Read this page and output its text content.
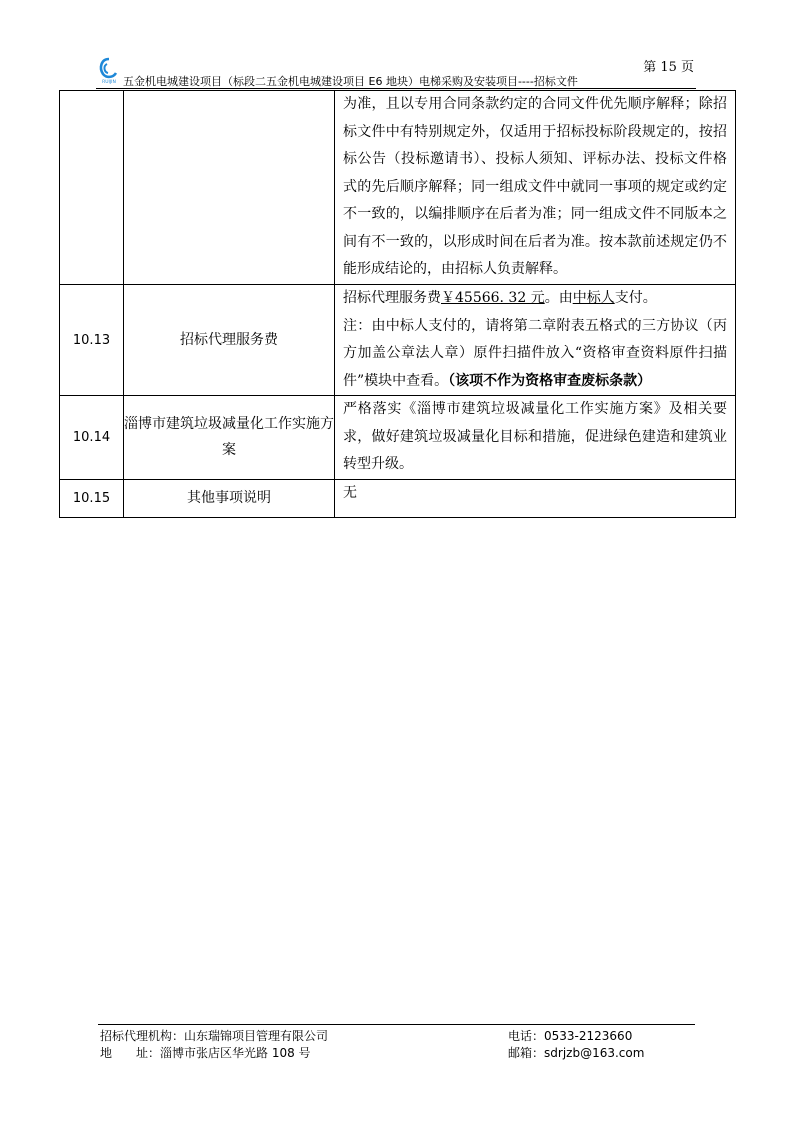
RUIJIN 五金机电城建设项目（标段二五金机电城建设项目 E6 地块）电梯采购及安装项目----招标文件
第 15 页
		为准，且以专用合同条款约定的合同文件优先顺序解释；除招标文件中有特别规定外，仅适用于招标投标阶段规定的，按招标公告（投标邀请书）、投标人须知、评标办法、投标文件格式的先后顺序解释；同一组成文件中就同一事项的规定或约定不一致的，以编排顺序在后者为准；同一组成文件不同版本之间有不一致的，以形成时间在后者为准。按本款前述规定仍不能形成结论的，由招标人负责解释。
10.13	招标代理服务费	招标代理服务费￥45566. 32 元。由中标人支付。
注：由中标人支付的，请将第二章附表五格式的三方协议（丙方加盖公章法人章）原件扫描件放入“资格审查资料原件扫描件”模块中查看。（该项不作为资格审查废标条款）

10.14	淄博市建筑垃圾减量化工作实施方案	严格落实《淄博市建筑垃圾减量化工作实施方案》及相关要求，做好建筑垃圾减量化目标和措施，促进绿色建造和建筑业转型升级。
10.15	其他事项说明	无
招标代理机构：山东瑞锦项目管理有限公司	电话：0533-2123660
地　　址：淄博市张店区华光路 108 号	邮箱：sdrjzb@163.com
